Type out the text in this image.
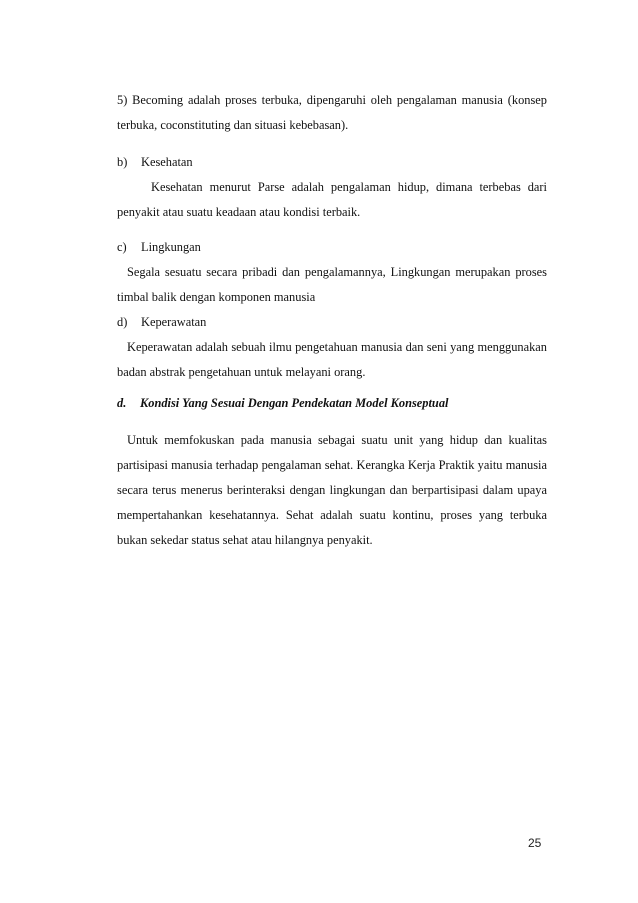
5) Becoming adalah proses terbuka, dipengaruhi oleh pengalaman manusia (konsep terbuka, coconstituting dan situasi kebebasan).

b) Kesehatan

Kesehatan menurut Parse adalah pengalaman hidup, dimana terbebas dari penyakit atau suatu keadaan atau kondisi terbaik.

c) Lingkungan

Segala sesuatu secara pribadi dan pengalamannya, Lingkungan merupakan proses timbal balik dengan komponen manusia

d) Keperawatan

Keperawatan adalah sebuah ilmu pengetahuan manusia dan seni yang menggunakan badan abstrak pengetahuan untuk melayani orang.

d. Kondisi Yang Sesuai Dengan Pendekatan Model Konseptual

Untuk memfokuskan pada manusia sebagai suatu unit yang hidup dan kualitas partisipasi manusia terhadap pengalaman sehat. Kerangka Kerja Praktik yaitu manusia secara terus menerus berinteraksi dengan lingkungan dan berpartisipasi dalam upaya mempertahankan kesehatannya. Sehat adalah suatu kontinu, proses yang terbuka bukan sekedar status sehat atau hilangnya penyakit.

25
